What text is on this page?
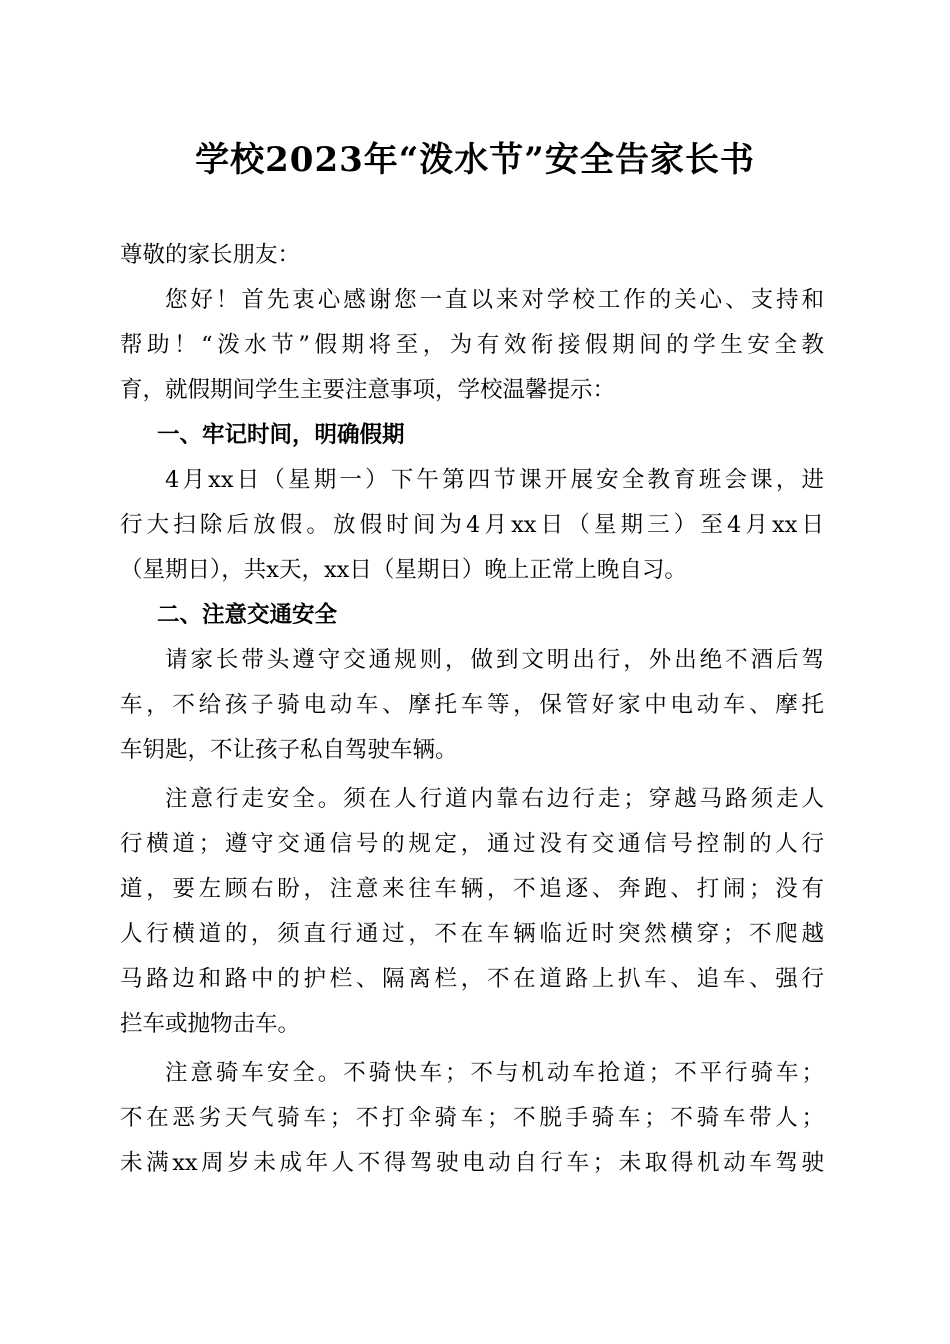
学校2023年“泼水节”安全告家长书
尊敬的家长朋友：
您好！首先衷心感谢您一直以来对学校工作的关心、支持和
帮助！“泼水节”假期将至，为有效衔接假期间的学生安全教
育，就假期间学生主要注意事项，学校温馨提示：
一、牢记时间，明确假期
4月xx日（星期一）下午第四节课开展安全教育班会课，进
行大扫除后放假。放假时间为4月xx日（星期三）至4月xx日
（星期日），共x天，xx日（星期日）晚上正常上晚自习。
二、注意交通安全
请家长带头遵守交通规则，做到文明出行，外出绝不酒后驾
车，不给孩子骑电动车、摩托车等，保管好家中电动车、摩托
车钥匙，不让孩子私自驾驶车辆。
注意行走安全。须在人行道内靠右边行走；穿越马路须走人
行横道；遵守交通信号的规定，通过没有交通信号控制的人行
道，要左顾右盼，注意来往车辆，不追逐、奔跑、打闹；没有
人行横道的，须直行通过，不在车辆临近时突然横穿；不爬越
马路边和路中的护栏、隔离栏，不在道路上扒车、追车、强行
拦车或抛物击车。
注意骑车安全。不骑快车；不与机动车抢道；不平行骑车；
不在恶劣天气骑车；不打伞骑车；不脱手骑车；不骑车带人；
未满xx周岁未成年人不得驾驶电动自行车；未取得机动车驾驶
